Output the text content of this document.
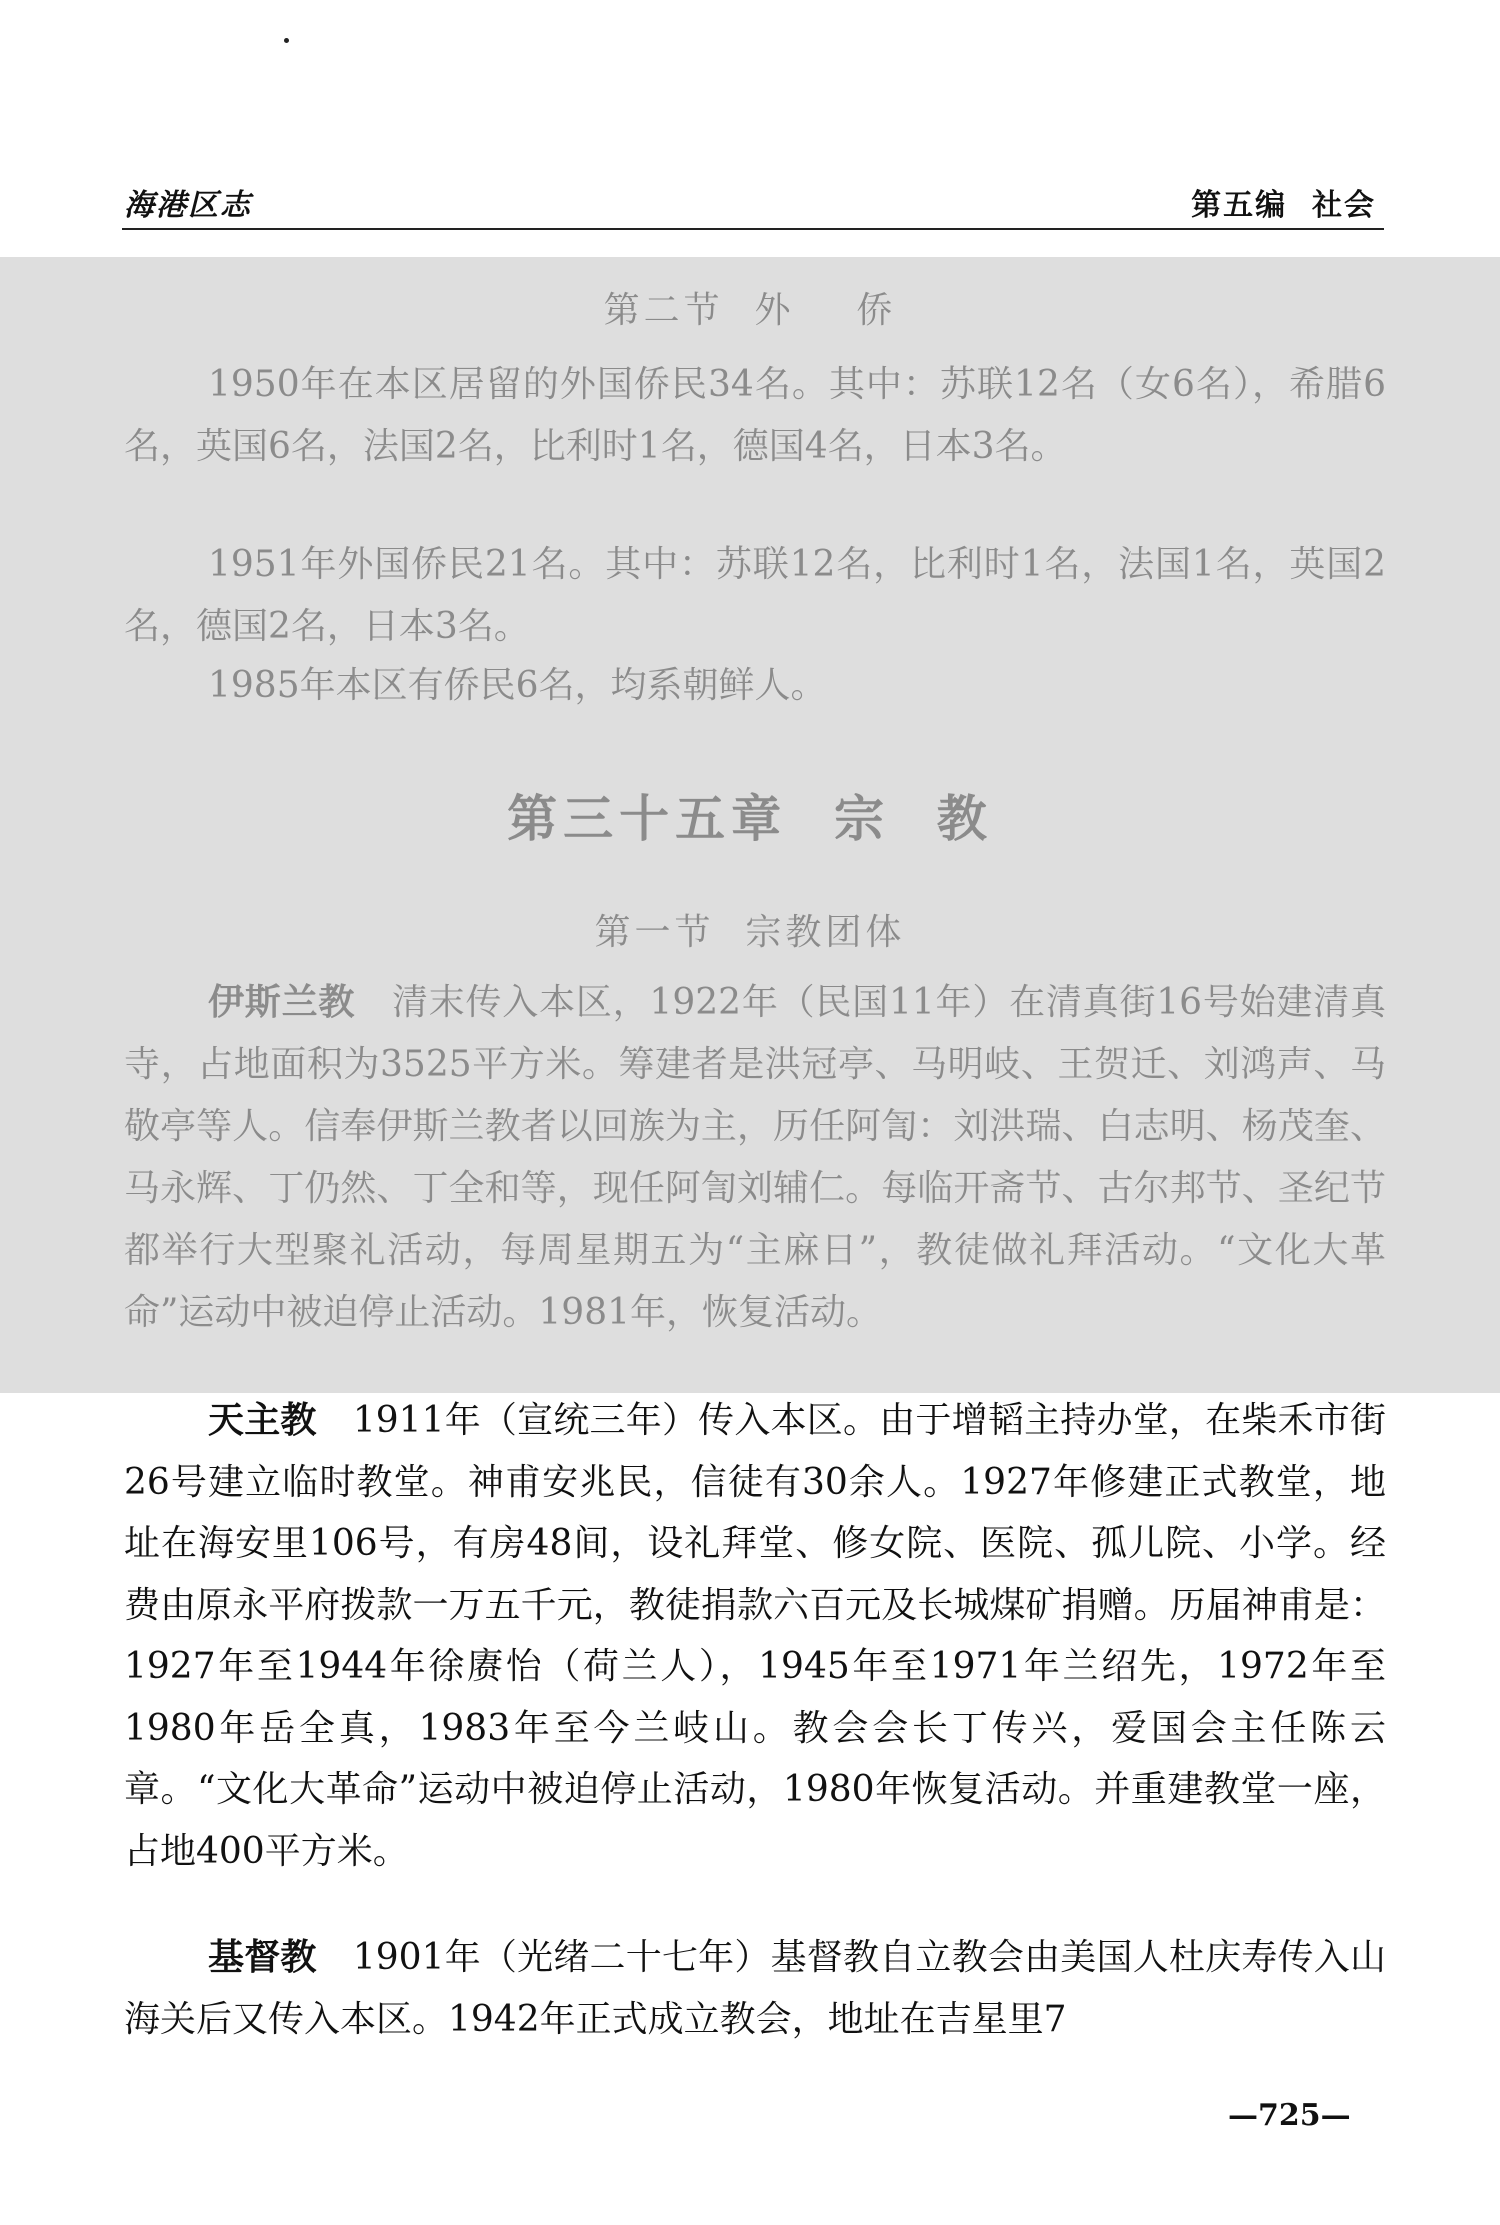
海港区志	第五编  社会
第二节  外    侨

1950年在本区居留的外国侨民34名。其中：苏联12名（女6名），希腊6名，英国6名，法国2名，比利时1名，德国4名，日本3名。

1951年外国侨民21名。其中：苏联12名，比利时1名，法国1名，英国2名，德国2名，日本3名。

1985年本区有侨民6名，均系朝鲜人。

第三十五章  宗  教
第一节  宗教团体

伊斯兰教　 清末传入本区，1922年（民国11年）在清真街16号始建清真寺，占地面积为3525平方米。筹建者是洪冠亭、马明岐、王贺迁、刘鸿声、马敬亭等人。信奉伊斯兰教者以回族为主，历任阿訇：刘洪瑞、白志明、杨茂奎、马永辉、丁仍然、丁全和等，现任阿訇刘辅仁。每临开斋节、古尔邦节、圣纪节都举行大型聚礼活动，每周星期五为“主麻日”，教徒做礼拜活动。“文化大革命”运动中被迫停止活动。1981年，恢复活动。

天主教　 1911年（宣统三年）传入本区。由于增韬主持办堂，在柴禾市街26号建立临时教堂。神甫安兆民，信徒有30余人。1927年修建正式教堂，地址在海安里106号，有房48间，设礼拜堂、修女院、医院、孤儿院、小学。经费由原永平府拨款一万五千元，教徒捐款六百元及长城煤矿捐赠。历届神甫是：1927年至1944年徐赓怡（荷兰人），1945年至1971年兰绍先，1972年至1980年岳全真，1983年至今兰岐山。教会会长丁传兴，爱国会主任陈云章。“文化大革命”运动中被迫停止活动，1980年恢复活动。并重建教堂一座，占地400平方米。

基督教　 1901年（光绪二十七年）基督教自立教会由美国人杜庆寿传入山海关后又传入本区。1942年正式成立教会，地址在吉星里7

—725—
